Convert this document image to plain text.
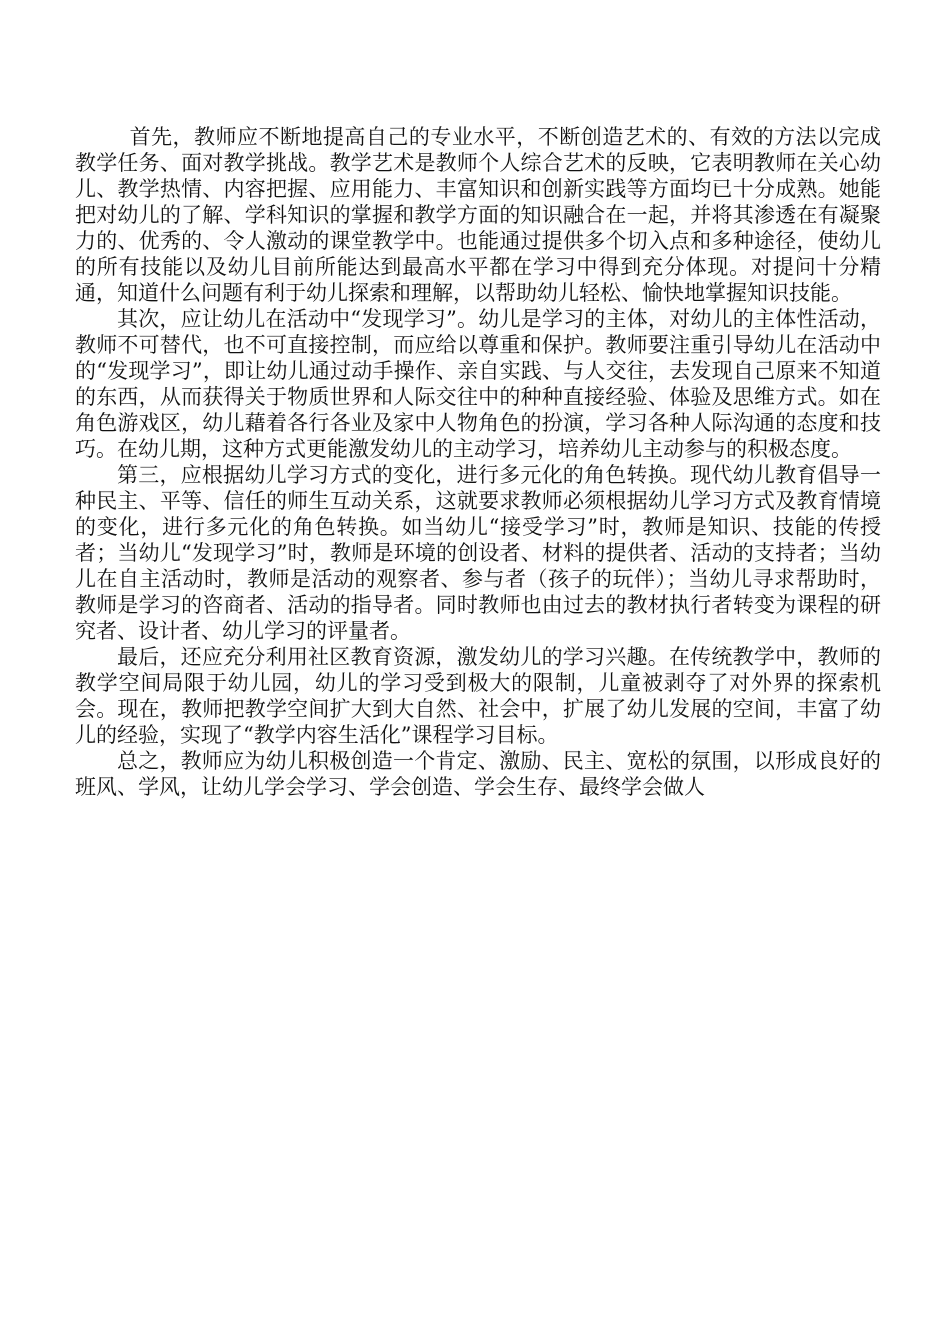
首先，教师应不断地提高自己的专业水平，不断创造艺术的、有效的方法以完成教学任务、面对教学挑战。教学艺术是教师个人综合艺术的反映，它表明教师在关心幼儿、教学热情、内容把握、应用能力、丰富知识和创新实践等方面均已十分成熟。她能把对幼儿的了解、学科知识的掌握和教学方面的知识融合在一起，并将其渗透在有凝聚力的、优秀的、令人激动的课堂教学中。也能通过提供多个切入点和多种途径，使幼儿的所有技能以及幼儿目前所能达到最高水平都在学习中得到充分体现。对提问十分精通，知道什么问题有利于幼儿探索和理解，以帮助幼儿轻松、愉快地掌握知识技能。

其次，应让幼儿在活动中“发现学习”。幼儿是学习的主体，对幼儿的主体性活动，教师不可替代，也不可直接控制，而应给以尊重和保护。教师要注重引导幼儿在活动中的“发现学习”，即让幼儿通过动手操作、亲自实践、与人交往，去发现自己原来不知道的东西，从而获得关于物质世界和人际交往中的种种直接经验、体验及思维方式。如在角色游戏区，幼儿藉着各行各业及家中人物角色的扮演，学习各种人际沟通的态度和技巧。在幼儿期，这种方式更能激发幼儿的主动学习，培养幼儿主动参与的积极态度。

第三，应根据幼儿学习方式的变化，进行多元化的角色转换。现代幼儿教育倡导一种民主、平等、信任的师生互动关系，这就要求教师必须根据幼儿学习方式及教育情境的变化，进行多元化的角色转换。如当幼儿“接受学习”时，教师是知识、技能的传授者；当幼儿“发现学习”时，教师是环境的创设者、材料的提供者、活动的支持者；当幼儿在自主活动时，教师是活动的观察者、参与者（孩子的玩伴）；当幼儿寻求帮助时，教师是学习的咨商者、活动的指导者。同时教师也由过去的教材执行者转变为课程的研究者、设计者、幼儿学习的评量者。

最后，还应充分利用社区教育资源，激发幼儿的学习兴趣。在传统教学中，教师的教学空间局限于幼儿园，幼儿的学习受到极大的限制，儿童被剥夺了对外界的探索机会。现在，教师把教学空间扩大到大自然、社会中，扩展了幼儿发展的空间，丰富了幼儿的经验，实现了“教学内容生活化”课程学习目标。

总之，教师应为幼儿积极创造一个肯定、激励、民主、宽松的氛围，以形成良好的班风、学风，让幼儿学会学习、学会创造、学会生存、最终学会做人
